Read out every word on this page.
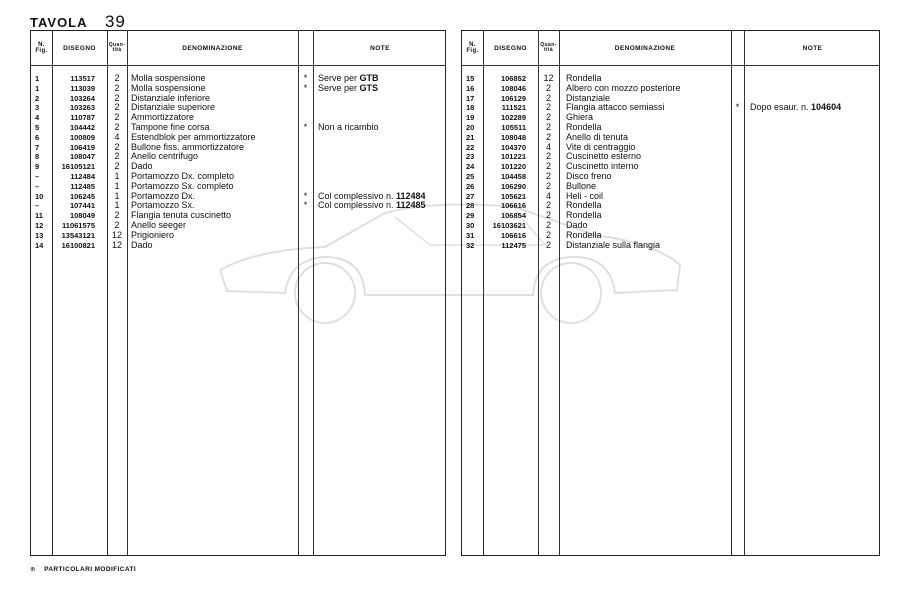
TAVOLA 39
N.
Fig.	DISEGNO	Quan-
tità	DENOMINAZIONE	NOTE
1	113517	2	Molla sospensione	*	Serve per GTB
1	113039	2	Molla sospensione	*	Serve per GTS
2	103264	2	Distanziale inferiore
3	103263	2	Distanziale superiore
4	110787	2	Ammortizzatore
5	104442	2	Tampone fine corsa	*	Non a ricambio
6	100809	4	Estendblok per ammortizzatore
7	106419	2	Bullone fiss. ammortizzatore
8	108047	2	Anello centrifugo
9	16105121	2	Dado
–	112484	1	Portamozzo Dx. completo
–	112485	1	Portamozzo Sx. completo
10	106245	1	Portamozzo Dx.	*	Col complessivo n. 112484
–	107441	1	Portamozzo Sx.	*	Col complessivo n. 112485
11	108049	2	Flangia tenuta cuscinetto
12	11061575	2	Anello seeger
13	13543121	12	Prigioniero
14	16100821	12	Dado
N.
Fig.	DISEGNO	Quan-
tità	DENOMINAZIONE	NOTE
15	106852	12	Rondella
16	108046	2	Albero con mozzo posteriore
17	106129	2	Distanziale
18	111521	2	Flangia attacco semiassi	*	Dopo esaur. n. 104604
19	102289	2	Ghiera
20	105511	2	Rondella
21	108048	2	Anello di tenuta
22	104370	4	Vite di centraggio
23	101221	2	Cuscinetto esterno
24	101220	2	Cuscinetto interno
25	104458	2	Disco freno
26	106290	2	Bullone
27	105621	4	Heli - coil
28	106616	2	Rondella
29	106854	2	Rondella
30	16103621	2	Dado
31	106616	2	Rondella
32	112475	2	Distanziale sulla flangia
⊕ PARTICOLARI MODIFICATI
